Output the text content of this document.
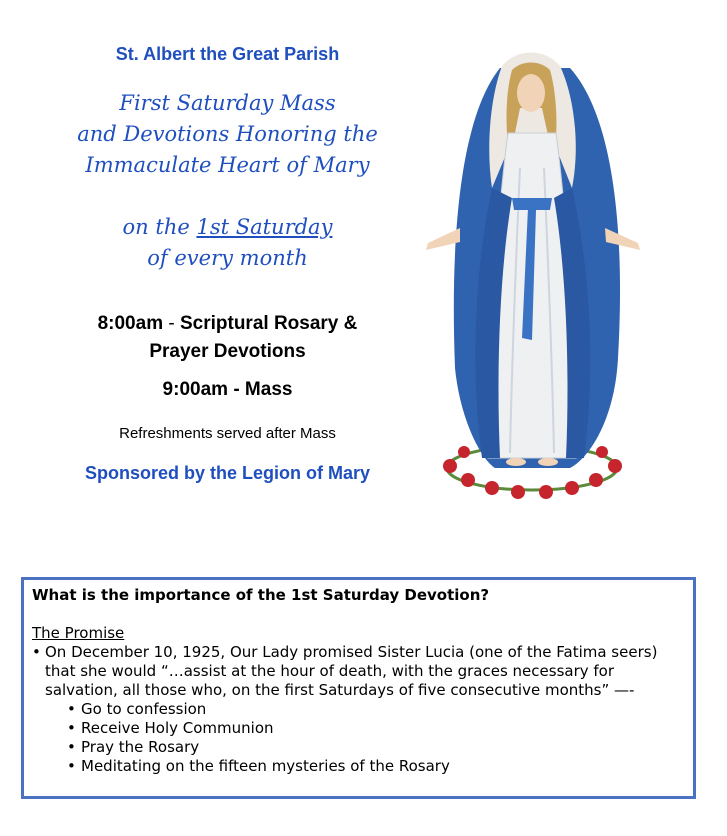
St. Albert the Great Parish
First Saturday Mass
and Devotions Honoring the
Immaculate Heart of Mary
on the 1st Saturday
of every month
8:00am - Scriptural Rosary &
Prayer Devotions
9:00am - Mass
Refreshments served after Mass
Sponsored by the Legion of Mary
What is the importance of the 1st Saturday Devotion?
The Promise
• On December 10, 1925, Our Lady promised Sister Lucia (one of the Fatima seers) that she would “…assist at the hour of death, with the graces necessary for salvation, all those who, on the first Saturdays of five consecutive months” —-
• Go to confession
• Receive Holy Communion
• Pray the Rosary
• Meditating on the fifteen mysteries of the Rosary
